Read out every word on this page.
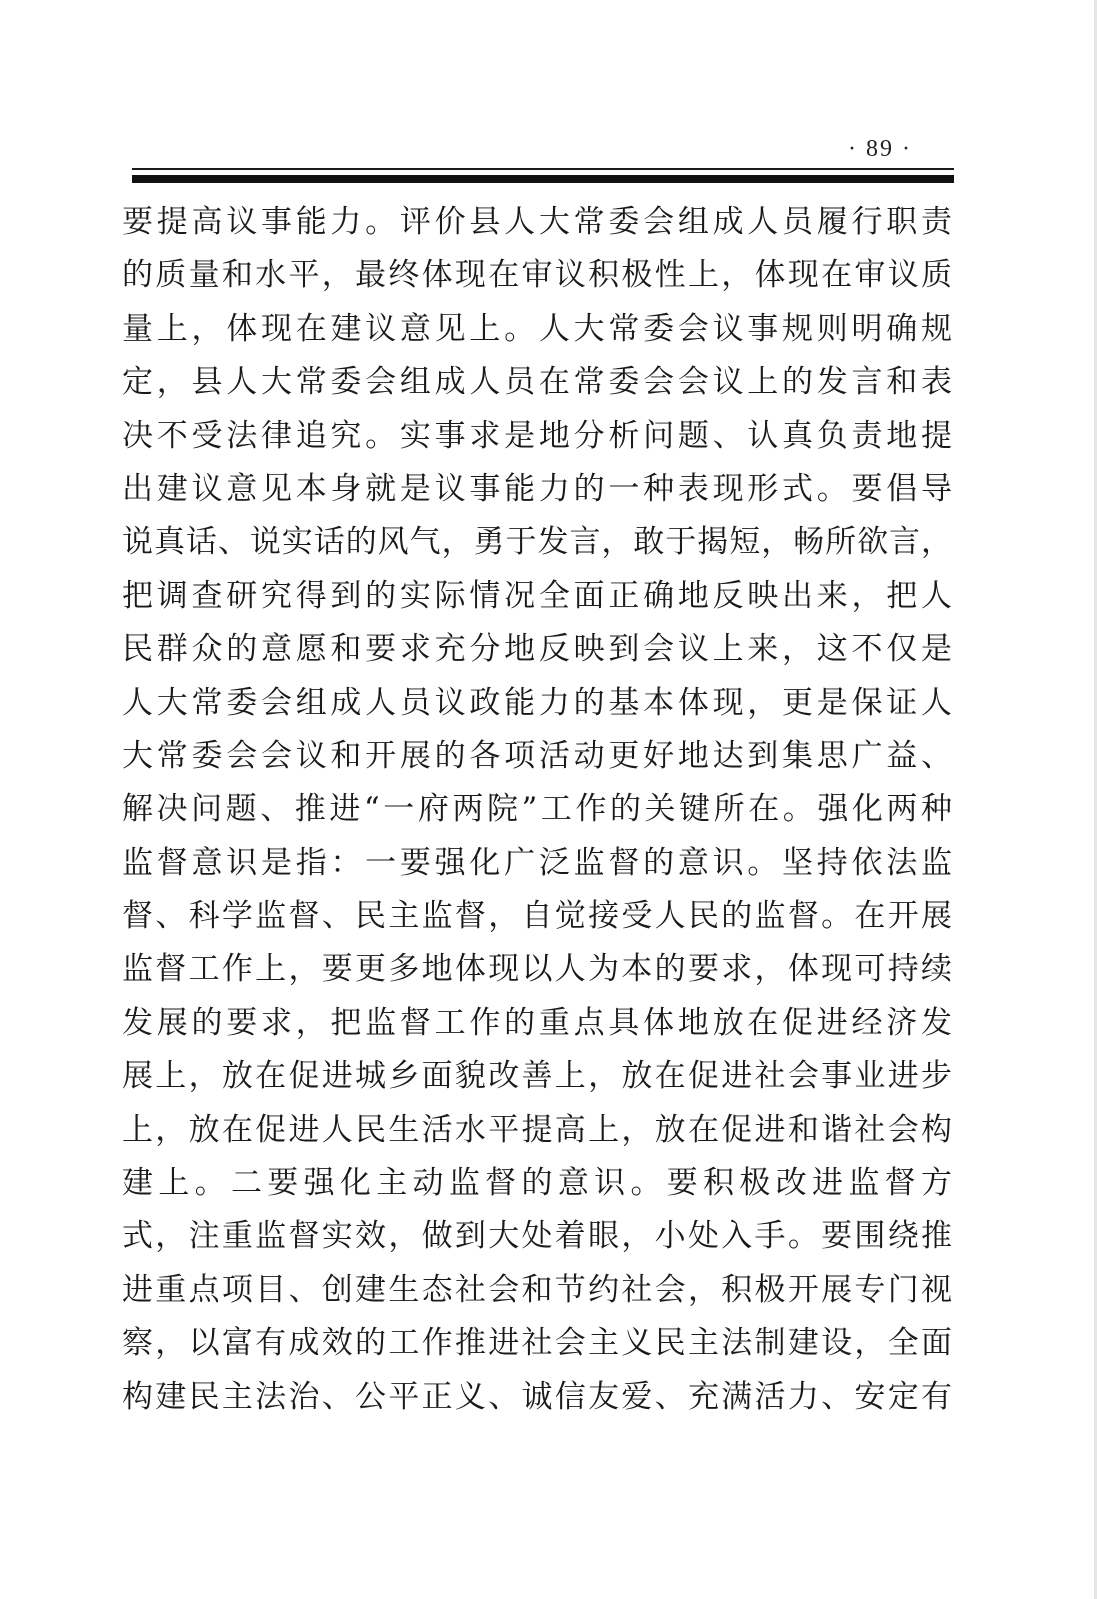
· 89 ·
要提高议事能力。评价县人大常委会组成人员履行职责
的质量和水平，最终体现在审议积极性上，体现在审议质
量上，体现在建议意见上。人大常委会议事规则明确规
定，县人大常委会组成人员在常委会会议上的发言和表
决不受法律追究。实事求是地分析问题、认真负责地提
出建议意见本身就是议事能力的一种表现形式。要倡导
说真话、说实话的风气，勇于发言，敢于揭短，畅所欲言，
把调查研究得到的实际情况全面正确地反映出来，把人
民群众的意愿和要求充分地反映到会议上来，这不仅是
人大常委会组成人员议政能力的基本体现，更是保证人
大常委会会议和开展的各项活动更好地达到集思广益、
解决问题、推进“一府两院”工作的关键所在。强化两种
监督意识是指：一要强化广泛监督的意识。坚持依法监
督、科学监督、民主监督，自觉接受人民的监督。在开展
监督工作上，要更多地体现以人为本的要求，体现可持续
发展的要求，把监督工作的重点具体地放在促进经济发
展上，放在促进城乡面貌改善上，放在促进社会事业进步
上，放在促进人民生活水平提高上，放在促进和谐社会构
建上。二要强化主动监督的意识。要积极改进监督方
式，注重监督实效，做到大处着眼，小处入手。要围绕推
进重点项目、创建生态社会和节约社会，积极开展专门视
察，以富有成效的工作推进社会主义民主法制建设，全面
构建民主法治、公平正义、诚信友爱、充满活力、安定有
